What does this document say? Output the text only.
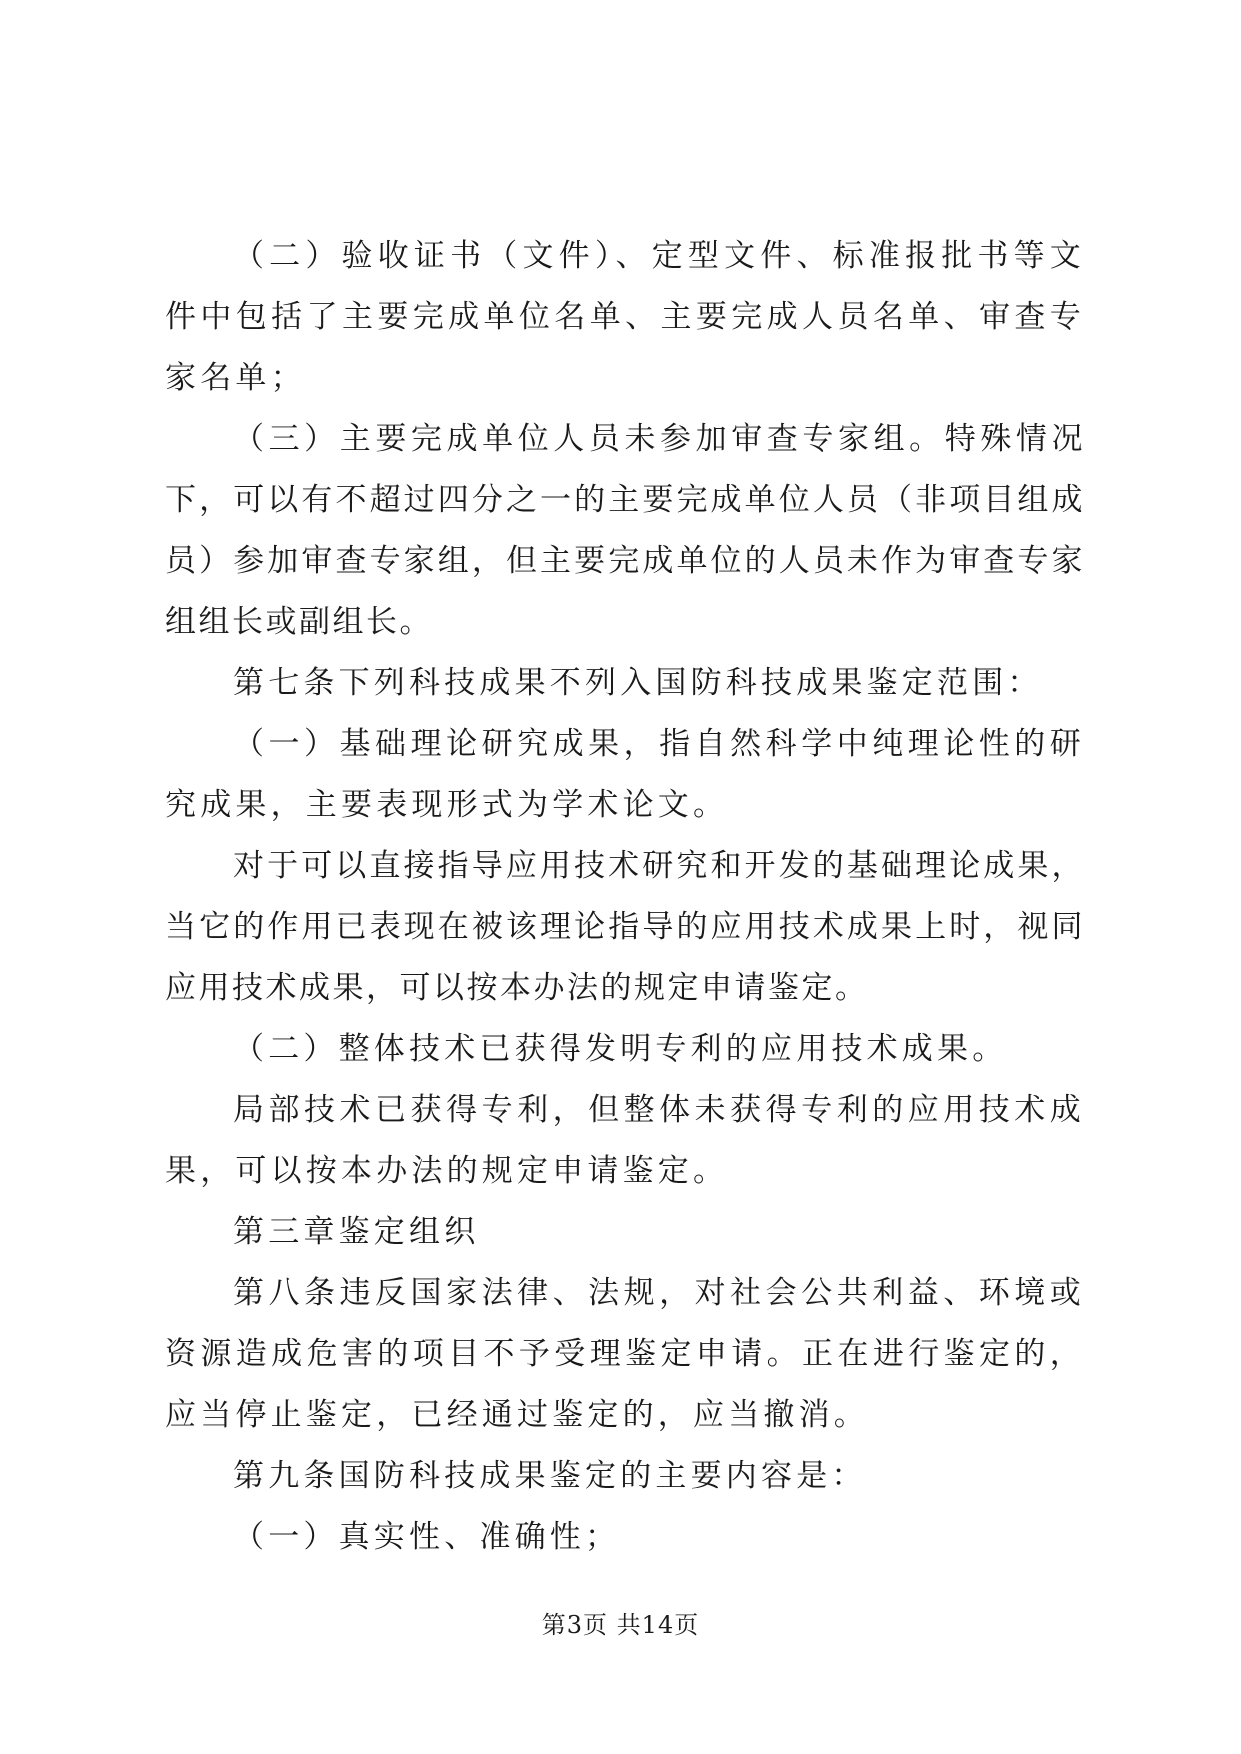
（二）验收证书（文件）、定型文件、标准报批书等文件中包括了主要完成单位名单、主要完成人员名单、审查专家名单；

（三）主要完成单位人员未参加审查专家组。特殊情况下，可以有不超过四分之一的主要完成单位人员（非项目组成员）参加审查专家组，但主要完成单位的人员未作为审查专家组组长或副组长。

第七条下列科技成果不列入国防科技成果鉴定范围：

（一）基础理论研究成果，指自然科学中纯理论性的研究成果，主要表现形式为学术论文。

对于可以直接指导应用技术研究和开发的基础理论成果，当它的作用已表现在被该理论指导的应用技术成果上时，视同应用技术成果，可以按本办法的规定申请鉴定。

（二）整体技术已获得发明专利的应用技术成果。

局部技术已获得专利，但整体未获得专利的应用技术成果，可以按本办法的规定申请鉴定。

第三章鉴定组织

第八条违反国家法律、法规，对社会公共利益、环境或资源造成危害的项目不予受理鉴定申请。正在进行鉴定的，应当停止鉴定，已经通过鉴定的，应当撤消。

第九条国防科技成果鉴定的主要内容是：

（一）真实性、准确性；

第3页 共14页
